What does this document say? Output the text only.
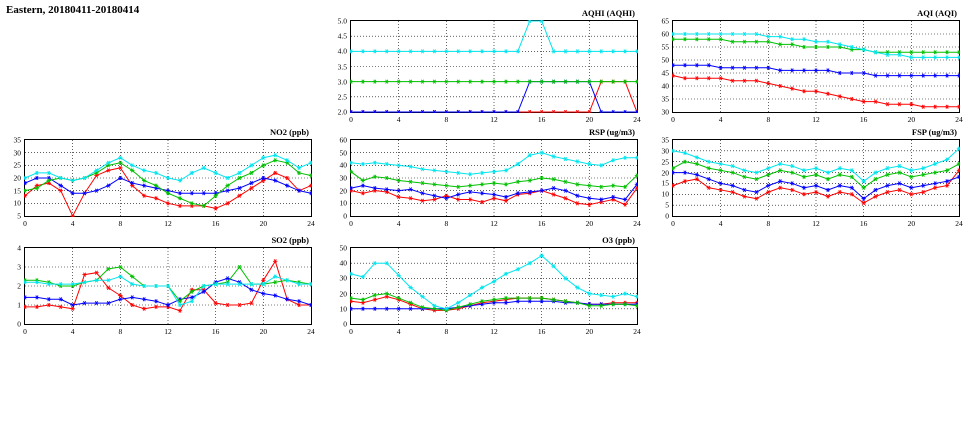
Eastern, 20180411-20180414	AQHI (AQHI)
0	4	8	12	16	20	24
2.0
2.5
3.0
3.5
4.0
4.5
5.0
AQI (AQI)
0	4	8	12	16	20	24
30
35
40
45
50
55
60
65
NO2 (ppb)
0	4	8	12	16	20	24
5
10
15
20
25
30
35
RSP (ug/m3)
0	4	8	12	16	20	24
0
10
20
30
40
50
60
FSP (ug/m3)
0	4	8	12	16	20	24
0
5
10
15
20
25
30
35
SO2 (ppb)
0	4	8	12	16	20	24
0
1
2
3
4
O3 (ppb)
0	4	8	12	16	20	24
0
10
20
30
40
50
